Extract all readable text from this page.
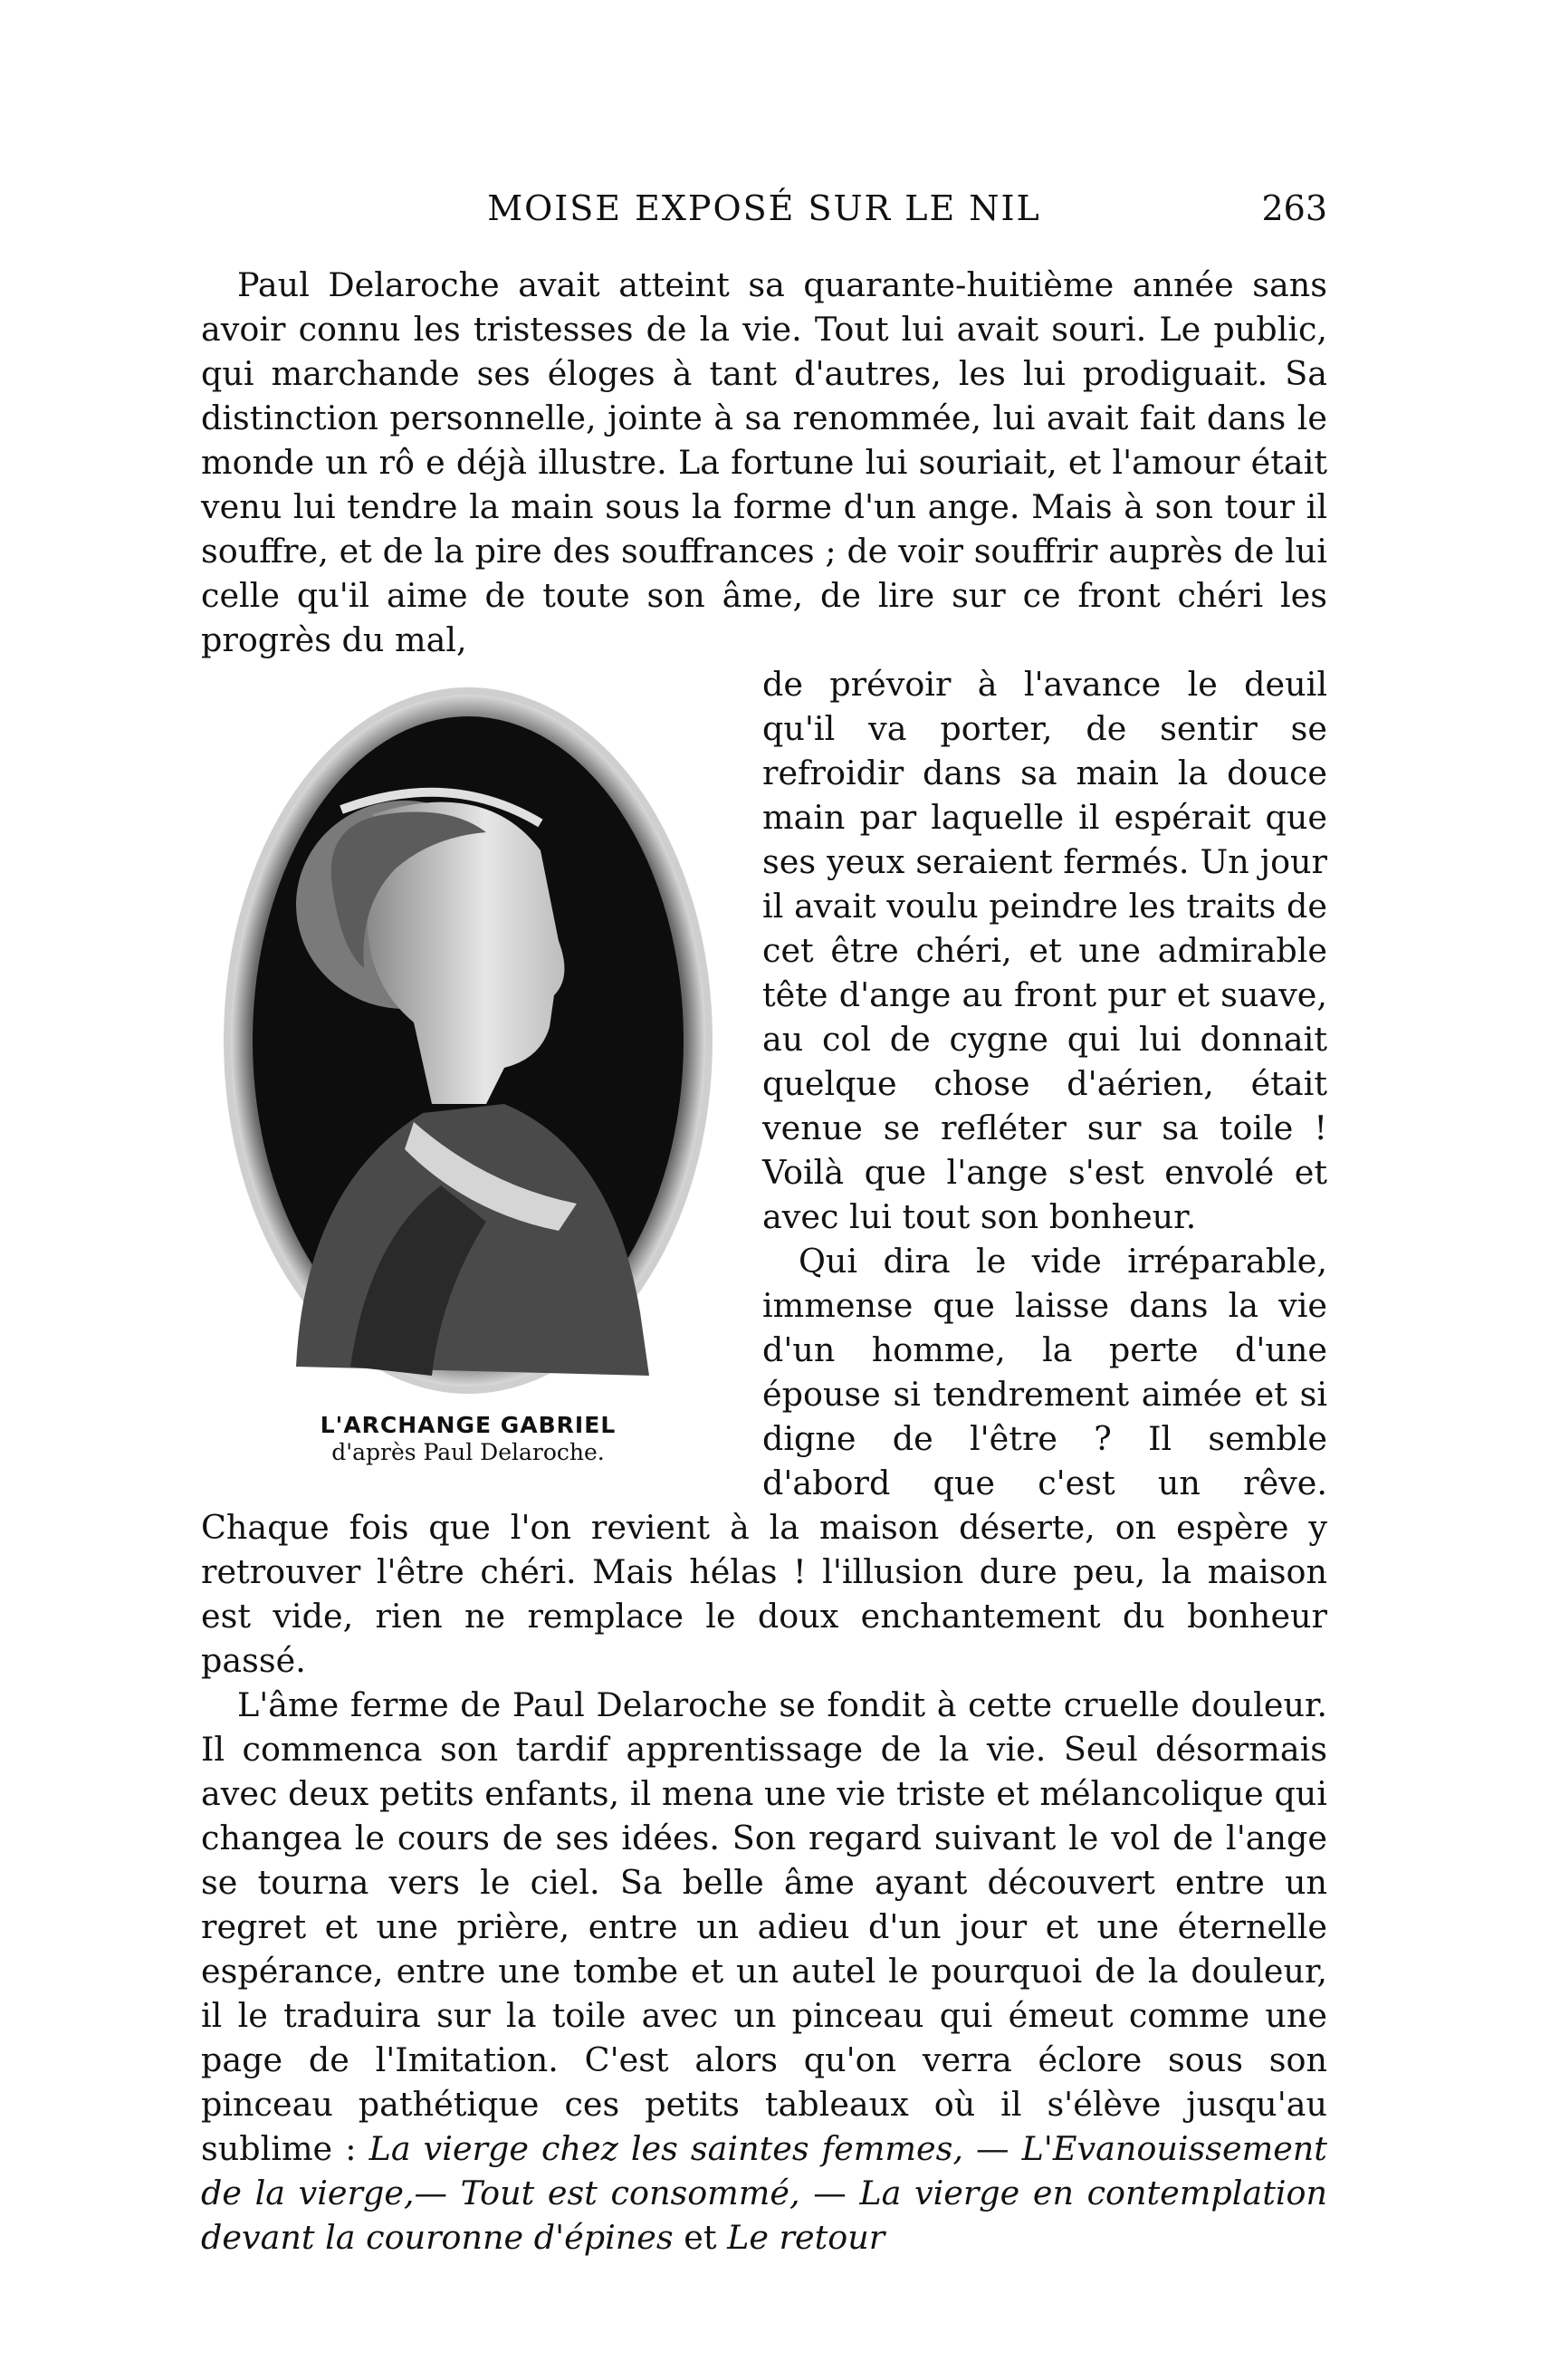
MOISE EXPOSÉ SUR LE NIL	263

Paul Delaroche avait atteint sa quarante-huitième année sans avoir connu les tristesses de la vie. Tout lui avait souri. Le public, qui marchande ses éloges à tant d'autres, les lui prodiguait. Sa distinction personnelle, jointe à sa renommée, lui avait fait dans le monde un rô e déjà illustre. La fortune lui souriait, et l'amour était venu lui tendre la main sous la forme d'un ange. Mais à son tour il souffre, et de la pire des souffrances ; de voir souffrir auprès de lui celle qu'il aime de toute son âme, de lire sur ce front chéri les progrès du mal,

L'ARCHANGE GABRIEL
d'après Paul Delaroche.

de prévoir à l'avance le deuil qu'il va porter, de sentir se refroidir dans sa main la douce main par laquelle il espérait que ses yeux seraient fermés. Un jour il avait voulu peindre les traits de cet être chéri, et une admirable tête d'ange au front pur et suave, au col de cygne qui lui donnait quelque chose d'aérien, était venue se refléter sur sa toile ! Voilà que l'ange s'est envolé et avec lui tout son bonheur.

Qui dira le vide irréparable, immense que laisse dans la vie d'un homme, la perte d'une épouse si tendrement aimée et si digne de l'être ? Il semble d'abord que c'est un rêve. Chaque fois que l'on revient à la maison déserte, on espère y retrouver l'être chéri. Mais hélas ! l'illusion dure peu, la maison est vide, rien ne remplace le doux enchantement du bonheur passé.

L'âme ferme de Paul Delaroche se fondit à cette cruelle douleur. Il commenca son tardif apprentissage de la vie. Seul désormais avec deux petits enfants, il mena une vie triste et mélancolique qui changea le cours de ses idées. Son regard suivant le vol de l'ange se tourna vers le ciel. Sa belle âme ayant découvert entre un regret et une prière, entre un adieu d'un jour et une éternelle espérance, entre une tombe et un autel le pourquoi de la douleur, il le traduira sur la toile avec un pinceau qui émeut comme une page de l'Imitation. C'est alors qu'on verra éclore sous son pinceau pathétique ces petits tableaux où il s'élève jusqu'au sublime : La vierge chez les saintes femmes, — L'Evanouissement de la vierge,— Tout est consommé, — La vierge en contemplation devant la couronne d'épines et Le retour
